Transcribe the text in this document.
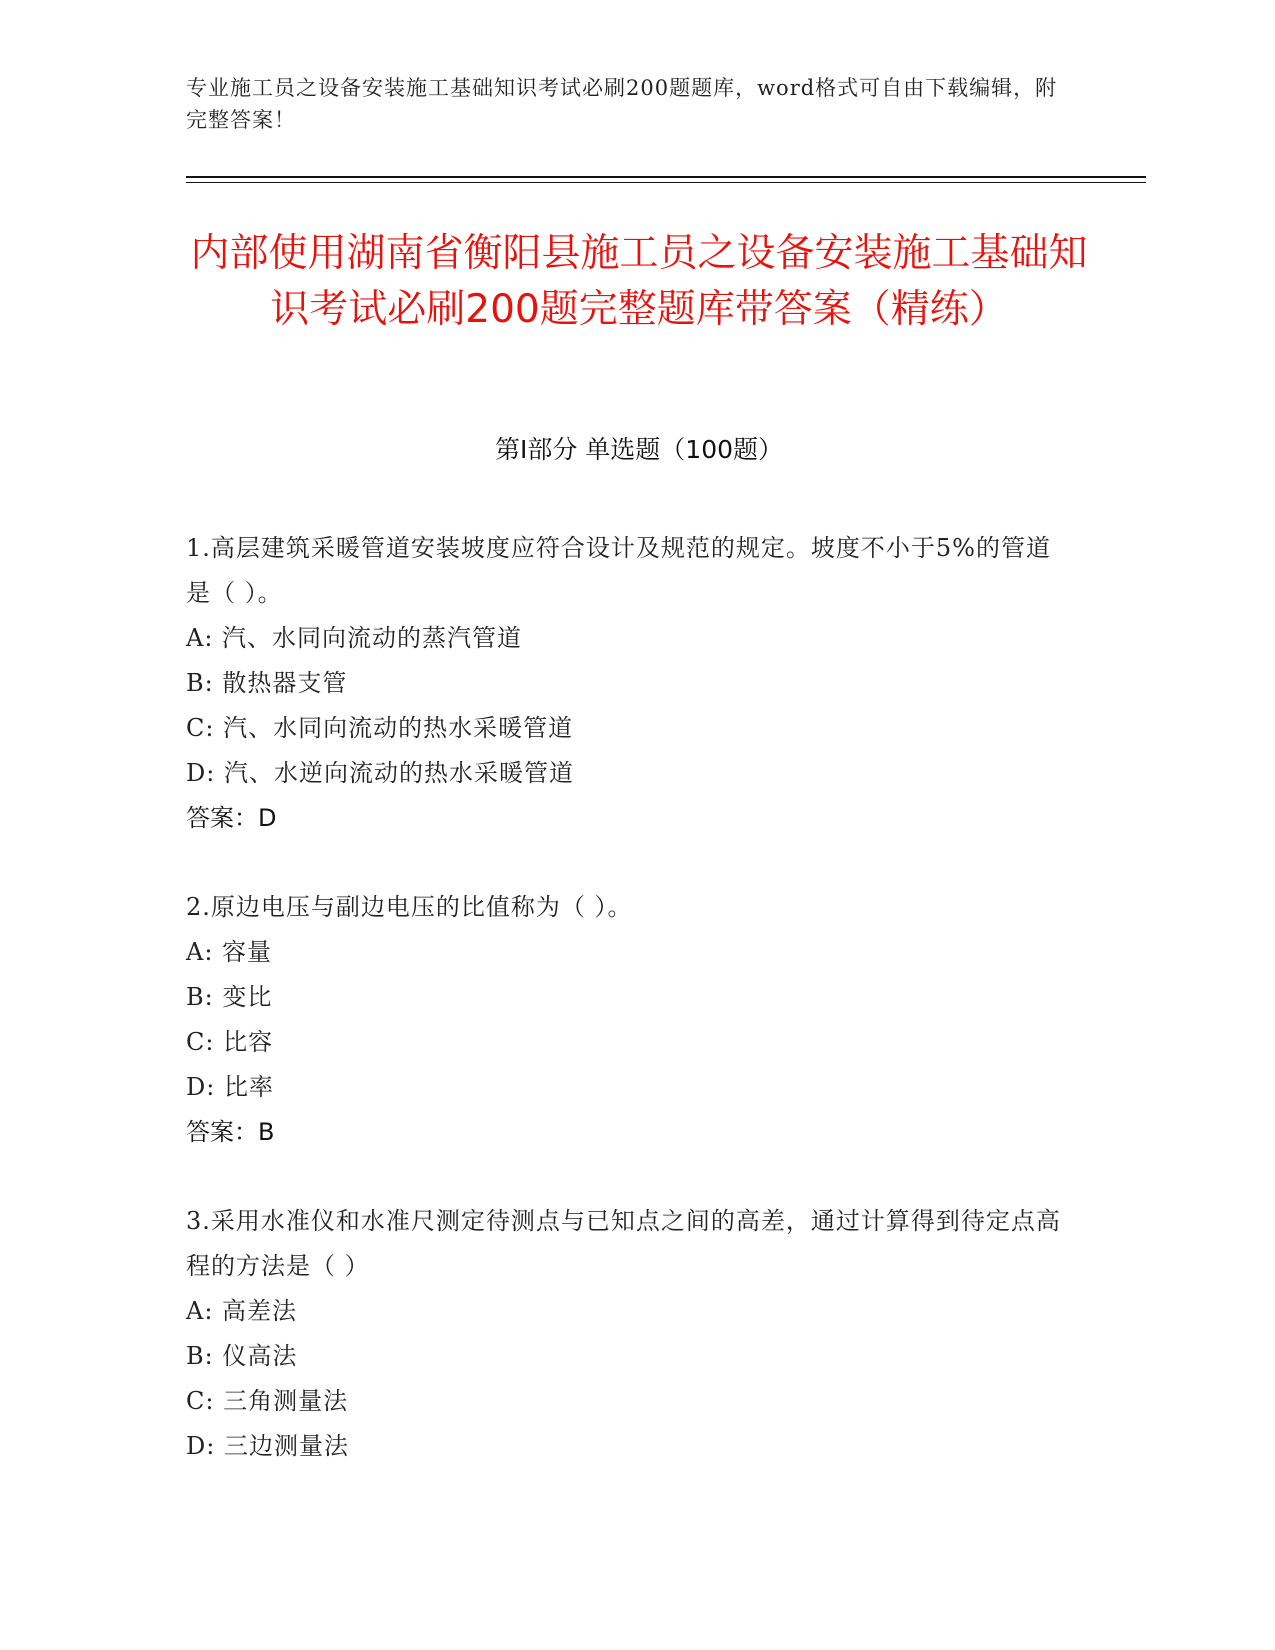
专业施工员之设备安装施工基础知识考试必刷200题题库，word格式可自由下载编辑，附完整答案！
内部使用湖南省衡阳县施工员之设备安装施工基础知识考试必刷200题完整题库带答案（精练）
第Ⅰ部分 单选题（100题）
1.高层建筑采暖管道安装坡度应符合设计及规范的规定。坡度不小于5%的管道是（ ）。
A: 汽、水同向流动的蒸汽管道
B: 散热器支管
C: 汽、水同向流动的热水采暖管道
D: 汽、水逆向流动的热水采暖管道
答案：D
2.原边电压与副边电压的比值称为（ ）。
A: 容量
B: 变比
C: 比容
D: 比率
答案：B
3.采用水准仪和水准尺测定待测点与已知点之间的高差，通过计算得到待定点高程的方法是（ ）
A: 高差法
B: 仪高法
C: 三角测量法
D: 三边测量法
